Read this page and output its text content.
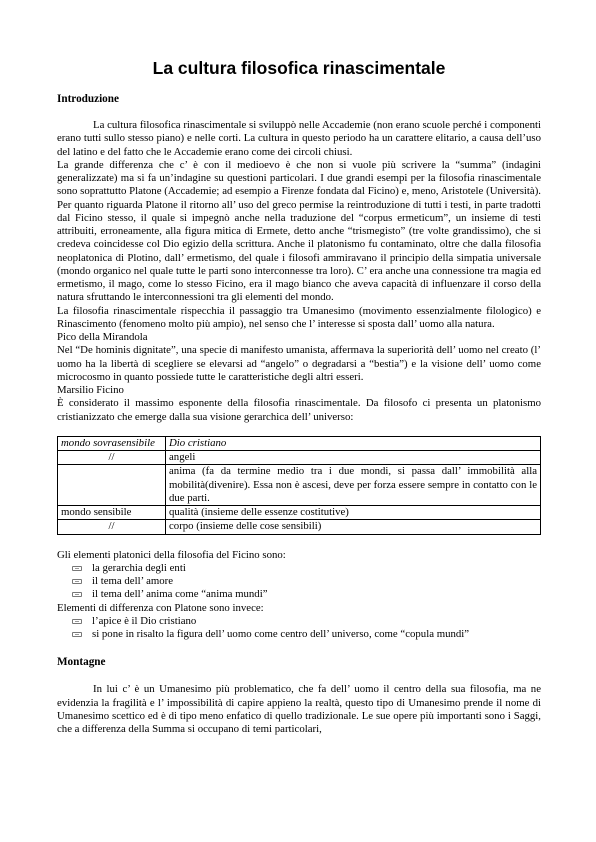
La cultura filosofica rinascimentale

Introduzione

La cultura filosofica rinascimentale si sviluppò nelle Accademie (non erano scuole perché i componenti erano tutti sullo stesso piano) e nelle corti. La cultura in questo periodo ha un carattere elitario, a causa dell’uso del latino e del fatto che le Accademie erano come dei circoli chiusi.

La grande differenza che c’ è con il medioevo è che non si vuole più scrivere la “summa” (indagini generalizzate) ma si fa un’indagine su questioni particolari. I due grandi esempi per la filosofia rinascimentale sono soprattutto Platone (Accademie; ad esempio a Firenze fondata dal Ficino) e, meno, Aristotele (Università). Per quanto riguarda Platone il ritorno all’ uso del greco permise la reintroduzione di tutti i testi, in parte tradotti dal Ficino stesso, il quale si impegnò anche nella traduzione del “corpus ermeticum”, un insieme di testi attribuiti, erroneamente, alla figura mitica di Ermete, detto anche “trismegisto” (tre volte grandissimo), che si credeva coincidesse col Dio egizio della scrittura. Anche il platonismo fu contaminato, oltre che dalla filosofia neoplatonica di Plotino, dall’ ermetismo, del quale i filosofi ammiravano il principio della simpatia universale (mondo organico nel quale tutte le parti sono interconnesse tra loro). C’ era anche una connessione tra magia ed ermetismo, il mago, come lo stesso Ficino, era il mago bianco che aveva capacità di influenzare il corso della natura sfruttando le interconnessioni tra gli elementi del mondo.

La filosofia rinascimentale rispecchia il passaggio tra Umanesimo (movimento essenzialmente filologico) e Rinascimento (fenomeno molto più ampio), nel senso che l’ interesse si sposta dall’ uomo alla natura.

Pico della Mirandola

Nel “De hominis dignitate”, una specie di manifesto umanista, affermava la superiorità dell’ uomo nel creato (l’ uomo ha la libertà di scegliere se elevarsi ad “angelo” o degradarsi a “bestia”) e la visione dell’ uomo come microcosmo in quanto possiede tutte le caratteristiche degli altri esseri.

Marsilio Ficino

È considerato il massimo esponente della filosofia rinascimentale. Da filosofo ci presenta un platonismo cristianizzato che emerge dalla sua visione gerarchica dell’ universo:

mondo sovrasensibile	Dio cristiano
//	angeli
	anima (fa da termine medio tra i due mondi, si passa dall’ immobilità alla mobilità(divenire). Essa non è ascesi, deve per forza essere sempre in contatto con le due parti.
mondo sensibile	qualità (insieme delle essenze costitutive)
//	corpo (insieme delle cose sensibili)

Gli elementi platonici della filosofia del Ficino sono:

la gerarchia degli enti
il tema dell’ amore
il tema dell’ anima come “anima mundi”

Elementi di differenza con Platone sono invece:

l’apice è il Dio cristiano
si pone in risalto la figura dell’ uomo come centro dell’ universo, come “copula mundi”

Montagne

In lui c’ è un Umanesimo più problematico, che fa dell’ uomo il centro della sua filosofia, ma ne evidenzia la fragilità e l’ impossibilità di capire appieno la realtà, questo tipo di Umanesimo prende il nome di Umanesimo scettico ed è di tipo meno enfatico di quello tradizionale. Le sue opere più importanti sono i Saggi, che a differenza della Summa si occupano di temi particolari,
